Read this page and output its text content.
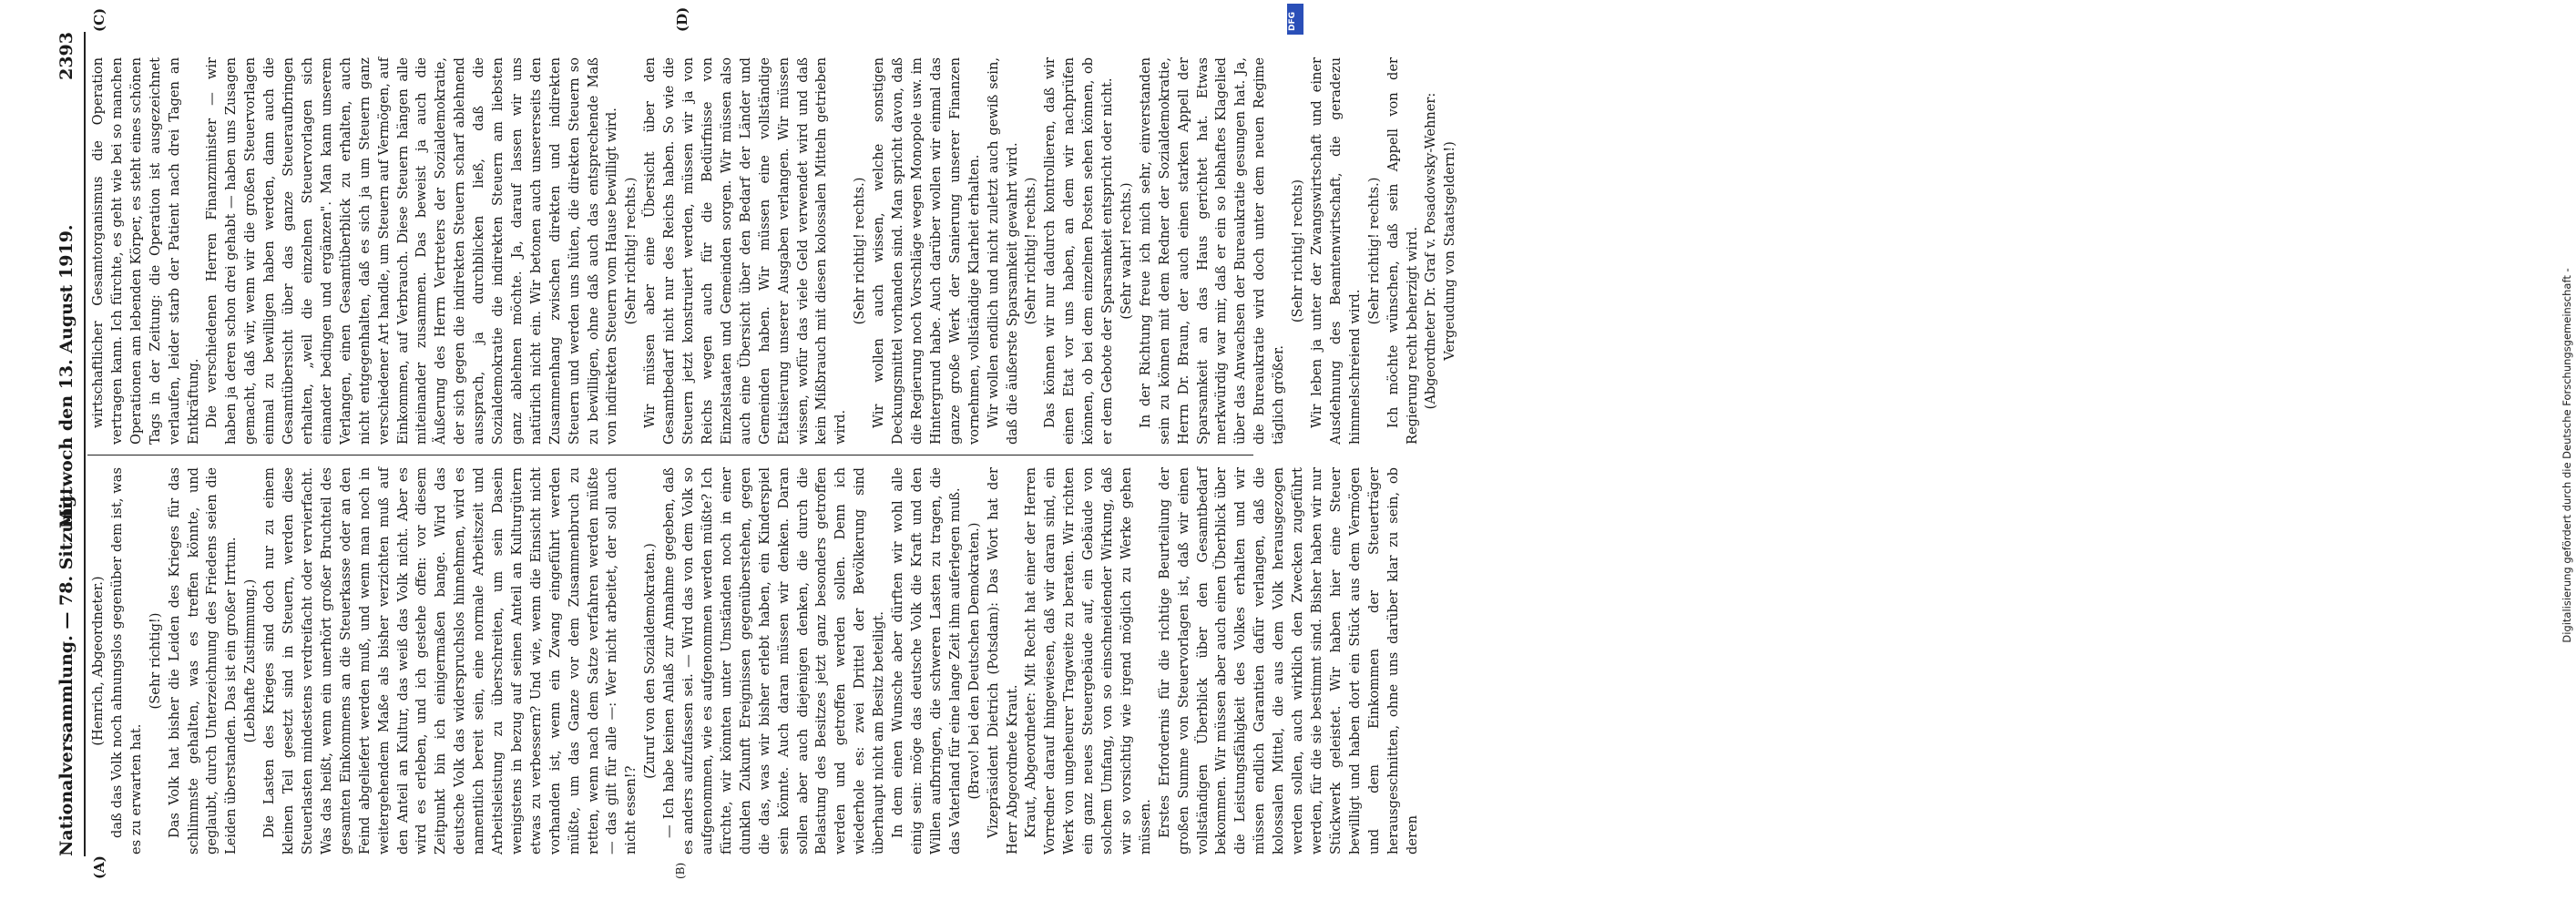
Nationalversammlung. — 78. Sitzung.
Mittwoch den 13. August 1919.
2393
(A)	(B)
(C)	(D)

(Henrich, Abgeordneter.) daß das Volk noch ahnungslos gegenüber dem ist, was es zu erwarten hat.

(Sehr richtig!) Das Volk hat bisher die Leiden des Krieges für das schlimmste gehalten, was es treffen könnte, und geglaubt, durch Unterzeichnung des Friedens seien die Leiden überstanden. Das ist ein großer Irrtum. (Lebhafte Zustimmung.) Die Lasten des Krieges sind doch nur zu einem kleinen Teil gesetzt sind in Steuern, werden diese Steuerlasten mindestens verdreifacht oder vervierfacht. Was das heißt, wenn ein unerhört großer Bruchteil des gesamten Einkommens an die Steuerkasse oder an den Feind abgeliefert werden muß, und wenn man noch in weitergehendem Maße als bisher verzichten muß auf den Anteil an Kultur, das weiß das Volk nicht. Aber es wird es erleben, und ich gestehe offen: vor diesem Zeitpunkt bin ich einigermaßen bange. Wird das deutsche Volk das widerspruchslos hinnehmen, wird es namentlich bereit sein, eine normale Arbeitszeit und Arbeitsleistung zu überschreiten, um sein Dasein wenigstens in bezug auf seinen Anteil an Kulturgütern etwas zu verbessern? Und wie, wenn die Einsicht nicht vorhanden ist, wenn ein Zwang eingeführt werden müßte, um das Ganze vor dem Zusammenbruch zu retten, wenn nach dem Satze verfahren werden müßte — das gilt für alle —: Wer nicht arbeitet, der soll auch nicht essen!?

(Zuruf von den Sozialdemokraten.) — Ich habe keinen Anlaß zur Annahme gegeben, daß es anders aufzufassen sei. — Wird das von dem Volk so aufgenommen, wie es aufgenommen werden müßte? Ich fürchte, wir könnten unter Umständen noch in einer dunklen Zukunft Ereignissen gegenüberstehen, gegen die das, was wir bisher erlebt haben, ein Kinderspiel sein könnte. Auch daran müssen wir denken. Daran sollen aber auch diejenigen denken, die durch die Belastung des Besitzes jetzt ganz besonders getroffen werden und getroffen werden sollen. Denn ich wiederhole es: zwei Drittel der Bevölkerung sind überhaupt nicht am Besitz beteiligt. In dem einen Wunsche aber dürften wir wohl alle einig sein: möge das deutsche Volk die Kraft und den Willen aufbringen, die schweren Lasten zu tragen, die das Vaterland für eine lange Zeit ihm auferlegen muß. (Bravo! bei den Deutschen Demokraten.) Vizepräsident Dietrich (Potsdam): Das Wort hat der Herr Abgeordnete Kraut. Kraut, Abgeordneter: Mit Recht hat einer der Herren Vorredner darauf hingewiesen, daß wir daran sind, ein Werk von ungeheurer Tragweite zu beraten. Wir richten ein ganz neues Steuergebäude auf, ein Gebäude von solchem Umfang, von so einschneidender Wirkung, daß wir so vorsichtig wie irgend möglich zu Werke gehen müssen. Erstes Erfordernis für die richtige Beurteilung der großen Summe von Steuervorlagen ist, daß wir einen vollständigen Überblick über den Gesamtbedarf bekommen. Wir müssen aber auch einen Überblick über die Leistungsfähigkeit des Volkes erhalten und wir müssen endlich Garantien dafür verlangen, daß die kolossalen Mittel, die aus dem Volk herausgezogen werden sollen, auch wirklich den Zwecken zugeführt werden, für die sie bestimmt sind. Bisher haben wir nur Stückwerk geleistet. Wir haben hier eine Steuer bewilligt und haben dort ein Stück aus dem Vermögen und dem Einkommen der Steuerträger herausgeschnitten, ohne uns darüber klar zu sein, ob deren

wirtschaftlicher Gesamtorganismus die Operation vertragen kann. Ich fürchte, es geht wie bei so manchen Operationen am lebenden Körper, es steht eines schönen Tags in der Zeitung: die Operation ist ausgezeichnet verlaufen, leider starb der Patient nach drei Tagen an Entkräftung. Die verschiedenen Herren Finanzminister — wir haben ja deren schon drei gehabt — haben uns Zusagen gemacht, daß wir, wenn wir die großen Steuervorlagen einmal zu bewilligen haben werden, dann auch die Gesamtübersicht über das ganze Steueraufbringen erhalten, „weil die einzelnen Steuervorlagen sich einander bedingen und ergänzen". Man kann unserem Verlangen, einen Gesamtüberblick zu erhalten, auch nicht entgegenhalten, daß es sich ja um Steuern ganz verschiedener Art handle, um Steuern auf Vermögen, auf Einkommen, auf Verbrauch. Diese Steuern hängen alle miteinander zusammen. Das beweist ja auch die Äußerung des Herrn Vertreters der Sozialdemokratie, der sich gegen die indirekten Steuern scharf ablehnend aussprach, ja durchblicken ließ, daß die Sozialdemokratie die indirekten Steuern am liebsten ganz ablehnen möchte. Ja, darauf lassen wir uns natürlich nicht ein. Wir betonen auch unsererseits den Zusammenhang zwischen direkten und indirekten Steuern und werden uns hüten, die direkten Steuern so zu bewilligen, ohne daß auch das entsprechende Maß von indirekten Steuern vom Hause bewilligt wird. (Sehr richtig! rechts.) Wir müssen aber eine Übersicht über den Gesamtbedarf nicht nur des Reichs haben. So wie die Steuern jetzt konstruiert werden, müssen wir ja von Reichs wegen auch für die Bedürfnisse von Einzelstaaten und Gemeinden sorgen. Wir müssen also auch eine Übersicht über den Bedarf der Länder und Gemeinden haben. Wir müssen eine vollständige Etatisierung unserer Ausgaben verlangen. Wir müssen wissen, wofür das viele Geld verwendet wird und daß kein Mißbrauch mit diesen kolossalen Mitteln getrieben wird.

(Sehr richtig! rechts.) Wir wollen auch wissen, welche sonstigen Deckungsmittel vorhanden sind. Man spricht davon, daß die Regierung noch Vorschläge wegen Monopole usw. im Hintergrund habe. Auch darüber wollen wir einmal das ganze große Werk der Sanierung unserer Finanzen vornehmen, vollständige Klarheit erhalten. Wir wollen endlich und nicht zuletzt auch gewiß sein, daß die äußerste Sparsamkeit gewahrt wird. (Sehr richtig! rechts.) Das können wir nur dadurch kontrollieren, daß wir einen Etat vor uns haben, an dem wir nachprüfen können, ob bei dem einzelnen Posten sehen können, ob er dem Gebote der Sparsamkeit entspricht oder nicht. (Sehr wahr! rechts.) In der Richtung freue ich mich sehr, einverstanden sein zu können mit dem Redner der Sozialdemokratie, Herrn Dr. Braun, der auch einen starken Appell der Sparsamkeit an das Haus gerichtet hat. Etwas merkwürdig war mir, daß er ein so lebhaftes Klagelied über das Anwachsen der Bureaukratie gesungen hat. Ja, die Bureaukratie wird doch unter dem neuen Regime täglich größer.

(Sehr richtig! rechts) Wir leben ja unter der Zwangswirtschaft und einer Ausdehnung des Beamtenwirtschaft, die geradezu himmelschreiend wird.

(Sehr richtig! rechts.) Ich möchte wünschen, daß sein Appell von der Regierung recht beherzigt wird. (Abgeordneter Dr. Graf v. Posadowsky-Wehner: Vergeudung von Staatsgeldern!)

Digitalisierung gefördert durch die Deutsche Forschungsgemeinschaft -
DFG
